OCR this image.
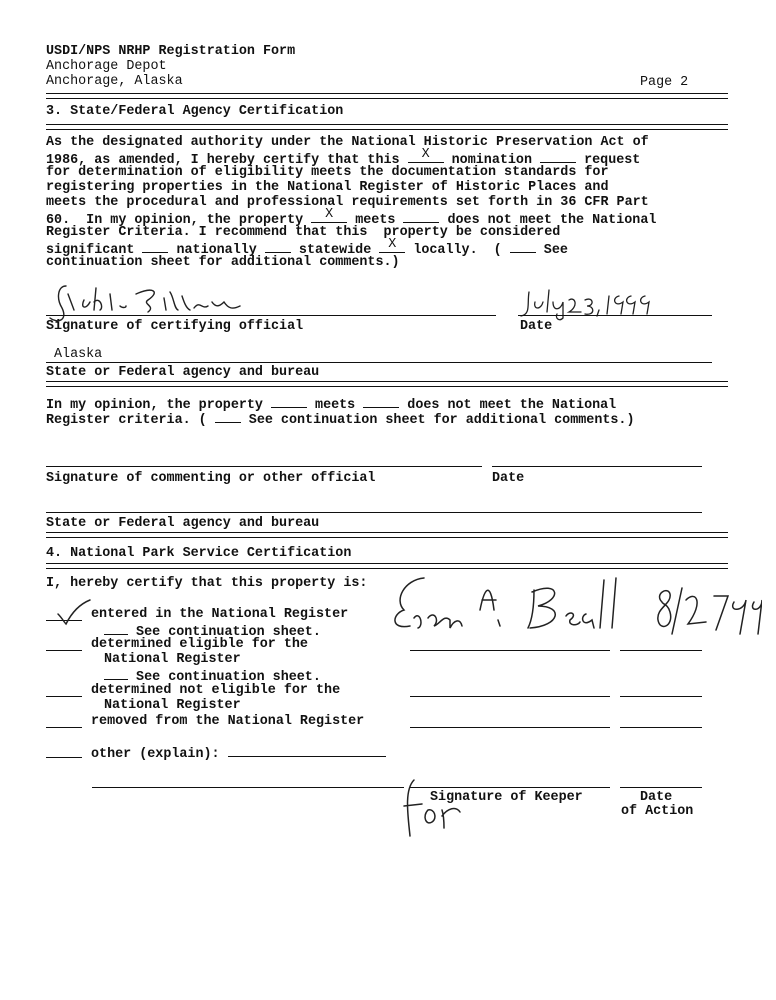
USDI/NPS NRHP Registration Form
Anchorage Depot
Anchorage, Alaska	Page 2
3. State/Federal Agency Certification
As the designated authority under the National Historic Preservation Act of
1986, as amended, I hereby certify that this	X	nomination	request
for determination of eligibility meets the documentation standards for
registering properties in the National Register of Historic Places and
meets the procedural and professional requirements set forth in 36 CFR Part
60.  In my opinion, the property	X	meets	does not meet the National
Register Criteria. I recommend that this  property be considered
significant  nationally  statewide X locally.  (  See
continuation sheet for additional comments.)
Signature of certifying official	Date
Alaska
State or Federal agency and bureau
In my opinion, the property	meets	does not meet the National
Register criteria. (  See continuation sheet for additional comments.)
Signature of commenting or other official	Date
State or Federal agency and bureau
4. National Park Service Certification
I, hereby certify that this property is:
entered in the National Register
See continuation sheet.
determined eligible for the
National Register
See continuation sheet.
determined not eligible for the
National Register
removed from the National Register
other (explain):
Signature of Keeper	Date
of Action
